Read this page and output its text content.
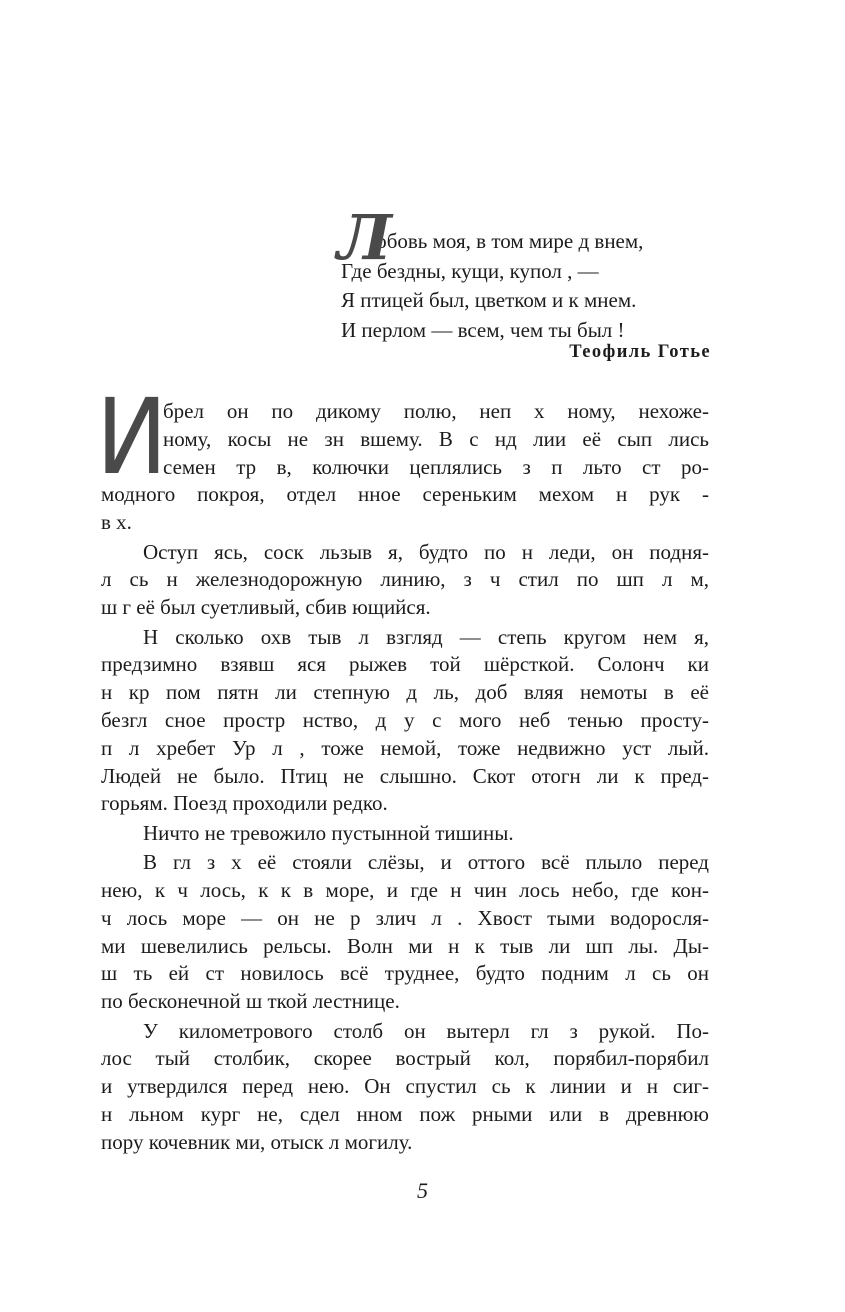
Л
юбовь моя, в том мире д внем,
Где бездны, кущи, купол , —
Я птицей был, цветком и к мнем.
И перлом — всем, чем ты был !
Теофиль Готье
И
брел он по дикому полю, неп х ному, нехоже-
ному, косы не зн вшему. В с нд лии её сып лись
семен тр в, колючки цеплялись з п льто ст ро-
модного покроя, отдел нное сереньким мехом н рук -
в х.
Оступ ясь, соск льзыв я, будто по н леди, он подня-
л сь н железнодорожную линию, з ч стил по шп л м,
ш г её был суетливый, сбив ющийся.
Н сколько охв тыв л взгляд — степь кругом нем я,
предзимно взявш яся рыжев той шёрсткой. Солонч ки
н кр пом пятн ли степную д ль, доб вляя немоты в её
безгл сное простр нство, д у с мого неб тенью просту-
п л хребет Ур л , тоже немой, тоже недвижно уст лый.
Людей не было. Птиц не слышно. Скот отогн ли к пред-
горьям. Поезд проходили редко.
Ничто не тревожило пустынной тишины.
В гл з х её стояли слёзы, и оттого всё плыло перед
нею, к ч лось, к к в море, и где н чин лось небо, где кон-
ч лось море — он не р злич л . Хвост тыми водоросля-
ми шевелились рельсы. Волн ми н к тыв ли шп лы. Ды-
ш ть ей ст новилось всё труднее, будто подним л сь он
по бесконечной ш ткой лестнице.
У километрового столб он вытерл гл з рукой. По-
лос тый столбик, скорее вострый кол, порябил-порябил
и утвердился перед нею. Он спустил сь к линии и н сиг-
н льном кург не, сдел нном пож рными или в древнюю
пору кочевник ми, отыск л могилу.
5
